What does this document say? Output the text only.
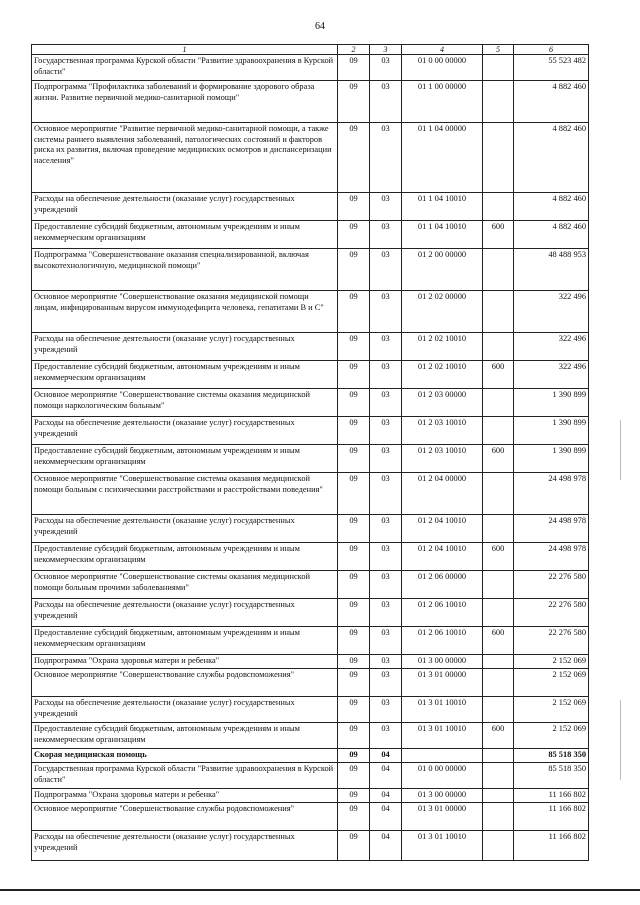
64
1	2	3	4	5	6
Государственная программа Курской области "Развитие здравоохранения в Курской области"	09	03	01 0 00 00000		55 523 482
Подпрограмма "Профилактика заболеваний и формирование здорового образа жизни. Развитие первичной медико-санитарной помощи"	09	03	01 1 00 00000		4 882 460
Основное мероприятие "Развитие первичной медико-санитарной помощи, а также системы раннего выявления заболеваний, патологических состояний и факторов риска их развития, включая проведение медицинских осмотров и диспансеризации населения"	09	03	01 1 04 00000		4 882 460
Расходы на обеспечение деятельности (оказание услуг) государственных учреждений	09	03	01 1 04 10010		4 882 460
Предоставление субсидий бюджетным, автономным учреждениям и иным некоммерческим организациям	09	03	01 1 04 10010	600	4 882 460
Подпрограмма "Совершенствование оказания специализированной, включая высокотехнологичную, медицинской помощи"	09	03	01 2 00 00000		48 488 953
Основное мероприятие "Совершенствование оказания медицинской помощи лицам, инфицированным вирусом иммунодефицита человека, гепатитами В и С"	09	03	01 2 02 00000		322 496
Расходы на обеспечение деятельности (оказание услуг) государственных учреждений	09	03	01 2 02 10010		322 496
Предоставление субсидий бюджетным, автономным учреждениям и иным некоммерческим организациям	09	03	01 2 02 10010	600	322 496
Основное мероприятие "Совершенствование системы оказания медицинской помощи наркологическим больным"	09	03	01 2 03 00000		1 390 899
Расходы на обеспечение деятельности (оказание услуг) государственных учреждений	09	03	01 2 03 10010		1 390 899
Предоставление субсидий бюджетным, автономным учреждениям и иным некоммерческим организациям	09	03	01 2 03 10010	600	1 390 899
Основное мероприятие "Совершенствование системы оказания медицинской помощи больным с психическими расстройствами и расстройствами поведения"	09	03	01 2 04 00000		24 498 978
Расходы на обеспечение деятельности (оказание услуг) государственных учреждений	09	03	01 2 04 10010		24 498 978
Предоставление субсидий бюджетным, автономным учреждениям и иным некоммерческим организациям	09	03	01 2 04 10010	600	24 498 978
Основное мероприятие "Совершенствование системы оказания медицинской помощи больным прочими заболеваниями"	09	03	01 2 06 00000		22 276 580
Расходы на обеспечение деятельности (оказание услуг) государственных учреждений	09	03	01 2 06 10010		22 276 580
Предоставление субсидий бюджетным, автономным учреждениям и иным некоммерческим организациям	09	03	01 2 06 10010	600	22 276 580
Подпрограмма "Охрана здоровья матери и ребенка"	09	03	01 3 00 00000		2 152 069
Основное мероприятие "Совершенствование службы родовспоможения"	09	03	01 3 01 00000		2 152 069
Расходы на обеспечение деятельности (оказание услуг) государственных учреждений	09	03	01 3 01 10010		2 152 069
Предоставление субсидий бюджетным, автономным учреждениям и иным некоммерческим организациям	09	03	01 3 01 10010	600	2 152 069
Скорая медицинская помощь	09	04			85 518 350
Государственная программа Курской области "Развитие здравоохранения в Курской области"	09	04	01 0 00 00000		85 518 350
Подпрограмма "Охрана здоровья матери и ребенка"	09	04	01 3 00 00000		11 166 802
Основное мероприятие "Совершенствование службы родовспоможения"	09	04	01 3 01 00000		11 166 802
Расходы на обеспечение деятельности (оказание услуг) государственных учреждений	09	04	01 3 01 10010		11 166 802
